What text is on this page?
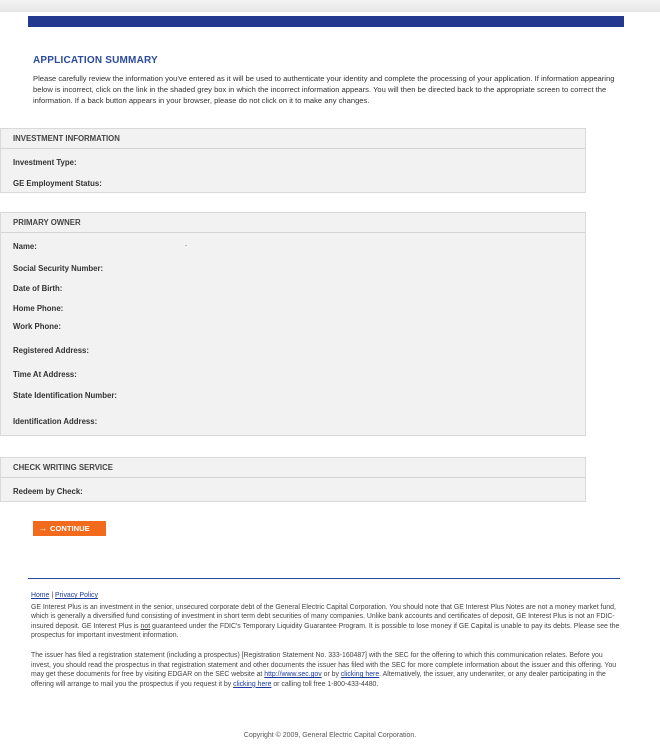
APPLICATION SUMMARY

Please carefully review the information you've entered as it will be used to authenticate your identity and complete the processing of your application. If information appearing below is incorrect, click on the link in the shaded grey box in which the incorrect information appears. You will then be directed back to the appropriate screen to correct the information. If a back button appears in your browser, please do not click on it to make any changes.

INVESTMENT INFORMATION
Investment Type:
GE Employment Status:
PRIMARY OWNER
Name:
Social Security Number:
Date of Birth:
Home Phone:
Work Phone:
Registered Address:
Time At Address:
State Identification Number:
Identification Address:
CHECK WRITING SERVICE
Redeem by Check:
→ CONTINUE

Home | Privacy Policy

GE Interest Plus is an investment in the senior, unsecured corporate debt of the General Electric Capital Corporation. You should note that GE Interest Plus Notes are not a money market fund, which is generally a diversified fund consisting of investment in short term debt securities of many companies. Unlike bank accounts and certificates of deposit, GE Interest Plus is not an FDIC-insured deposit. GE Interest Plus is not guaranteed under the FDIC's Temporary Liquidity Guarantee Program. It is possible to lose money if GE Capital is unable to pay its debts. Please see the prospectus for important investment information.

The issuer has filed a registration statement (including a prospectus) [Registration Statement No. 333-160487] with the SEC for the offering to which this communication relates. Before you invest, you should read the prospectus in that registration statement and other documents the issuer has filed with the SEC for more complete information about the issuer and this offering. You may get these documents for free by visiting EDGAR on the SEC website at http://www.sec.gov or by clicking here. Alternatively, the issuer, any underwriter, or any dealer participating in the offering will arrange to mail you the prospectus if you request it by clicking here or calling toll free 1-800-433-4480.

Copyright © 2009, General Electric Capital Corporation.
